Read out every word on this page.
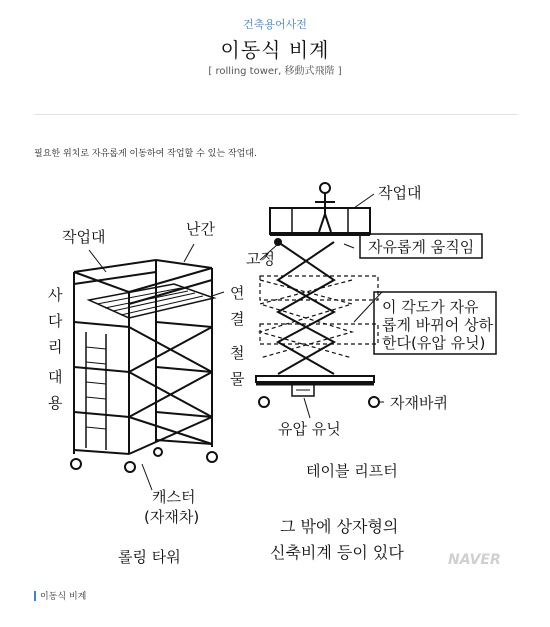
건축용어사전
이동식 비계
[ rolling tower, 移動式飛階 ]
필요한 위치로 자유롭게 이동하여 작업할 수 있는 작업대.
작업대	난간
사
다
리
대
용
연
결
철
물
캐스터
(자재차)
롤링 타워
작업대
고정
자유롭게 움직임
이 각도가 자유
롭게 바뀌어 상하
한다(유압 유닛)
자재바퀴
유압 유닛
테이블 리프터
그 밖에 상자형의
신축비계 등이 있다	NAVER
이동식 비계
